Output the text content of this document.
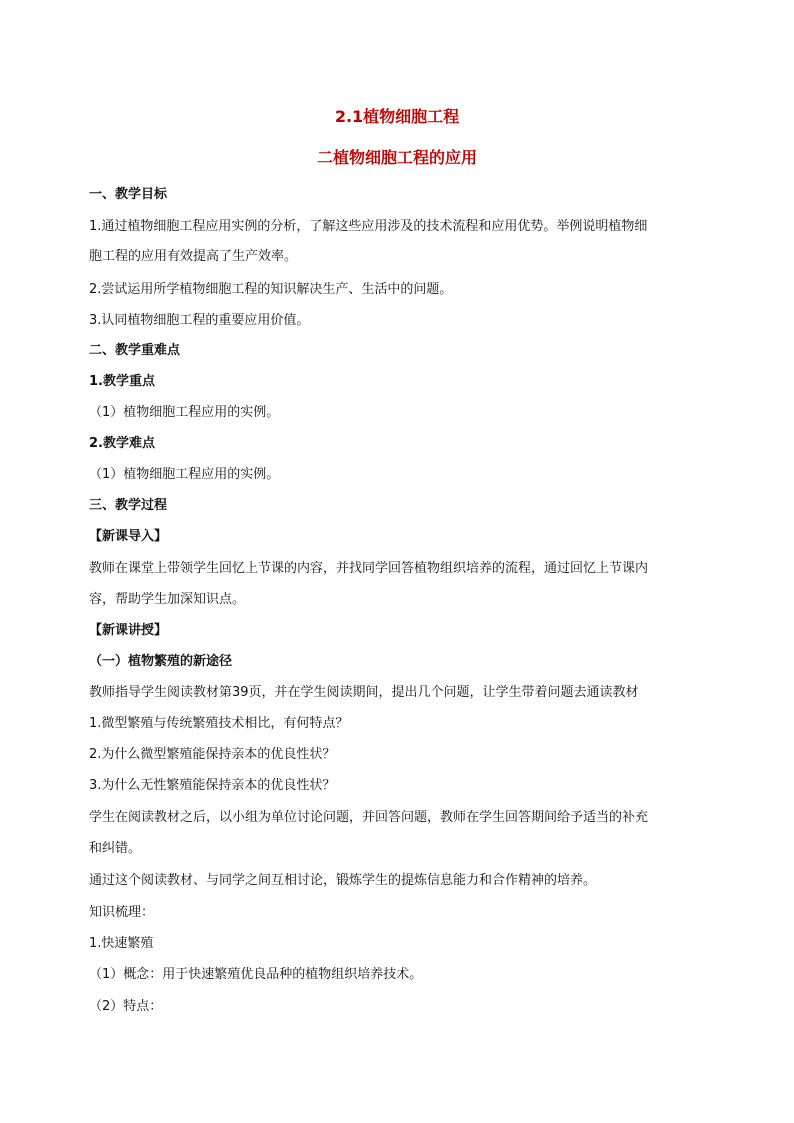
2.1植物细胞工程
二植物细胞工程的应用
一、教学目标
1.通过植物细胞工程应用实例的分析，了解这些应用涉及的技术流程和应用优势。举例说明植物细
胞工程的应用有效提高了生产效率。
2.尝试运用所学植物细胞工程的知识解决生产、生活中的问题。
3.认同植物细胞工程的重要应用价值。
二、教学重难点
1.教学重点
（1）植物细胞工程应用的实例。
2.教学难点
（1）植物细胞工程应用的实例。
三、教学过程
【新课导入】
教师在课堂上带领学生回忆上节课的内容，并找同学回答植物组织培养的流程，通过回忆上节课内
容，帮助学生加深知识点。
【新课讲授】
（一）植物繁殖的新途径
教师指导学生阅读教材第39页，并在学生阅读期间，提出几个问题，让学生带着问题去通读教材
1.微型繁殖与传统繁殖技术相比，有何特点？
2.为什么微型繁殖能保持亲本的优良性状？
3.为什么无性繁殖能保持亲本的优良性状？
学生在阅读教材之后，以小组为单位讨论问题，并回答问题，教师在学生回答期间给予适当的补充
和纠错。
通过这个阅读教材、与同学之间互相讨论，锻炼学生的提炼信息能力和合作精神的培养。
知识梳理：
1.快速繁殖
（1）概念：用于快速繁殖优良品种的植物组织培养技术。
（2）特点：
